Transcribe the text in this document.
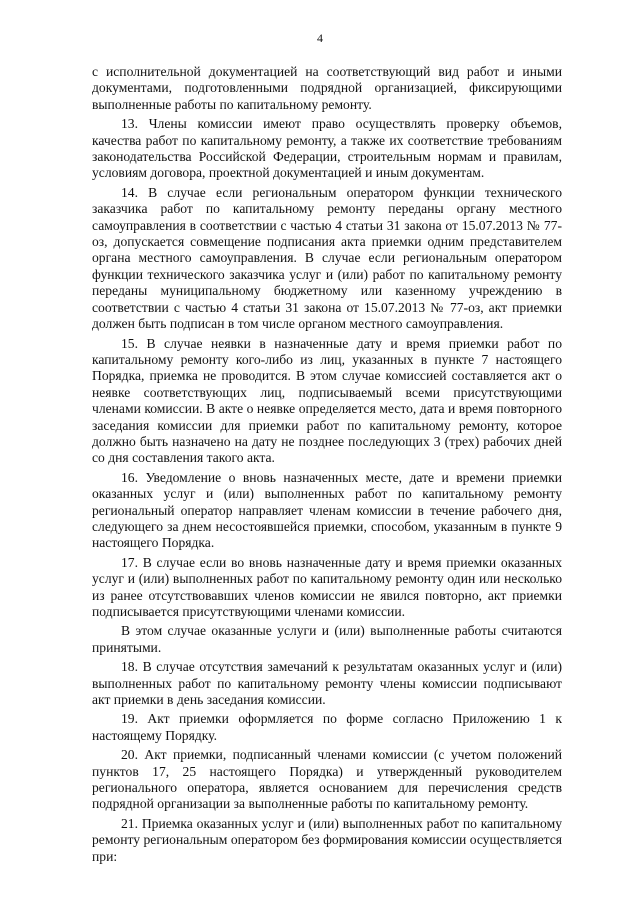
4

с исполнительной документацией на соответствующий вид работ и иными документами, подготовленными подрядной организацией, фиксирующими выполненные работы по капитальному ремонту.

13. Члены комиссии имеют право осуществлять проверку объемов, качества работ по капитальному ремонту, а также их соответствие требованиям законодательства Российской Федерации, строительным нормам и правилам, условиям договора, проектной документацией и иным документам.

14. В случае если региональным оператором функции технического заказчика работ по капитальному ремонту переданы органу местного самоуправления в соответствии с частью 4 статьи 31 закона от 15.07.2013 № 77-оз, допускается совмещение подписания акта приемки одним представителем органа местного самоуправления. В случае если региональным оператором функции технического заказчика услуг и (или) работ по капитальному ремонту переданы муниципальному бюджетному или казенному учреждению в соответствии с частью 4 статьи 31 закона от 15.07.2013 № 77-оз, акт приемки должен быть подписан в том числе органом местного самоуправления.

15. В случае неявки в назначенные дату и время приемки работ по капитальному ремонту кого-либо из лиц, указанных в пункте 7 настоящего Порядка, приемка не проводится. В этом случае комиссией составляется акт о неявке соответствующих лиц, подписываемый всеми присутствующими членами комиссии. В акте о неявке определяется место, дата и время повторного заседания комиссии для приемки работ по капитальному ремонту, которое должно быть назначено на дату не позднее последующих 3 (трех) рабочих дней со дня составления такого акта.

16. Уведомление о вновь назначенных месте, дате и времени приемки оказанных услуг и (или) выполненных работ по капитальному ремонту региональный оператор направляет членам комиссии в течение рабочего дня, следующего за днем несостоявшейся приемки, способом, указанным в пункте 9 настоящего Порядка.

17. В случае если во вновь назначенные дату и время приемки оказанных услуг и (или) выполненных работ по капитальному ремонту один или несколько из ранее отсутствовавших членов комиссии не явился повторно, акт приемки подписывается присутствующими членами комиссии.

В этом случае оказанные услуги и (или) выполненные работы считаются принятыми.

18. В случае отсутствия замечаний к результатам оказанных услуг и (или) выполненных работ по капитальному ремонту члены комиссии подписывают акт приемки в день заседания комиссии.

19. Акт приемки оформляется по форме согласно Приложению 1 к настоящему Порядку.

20. Акт приемки, подписанный членами комиссии (с учетом положений пунктов 17, 25 настоящего Порядка) и утвержденный руководителем регионального оператора, является основанием для перечисления средств подрядной организации за выполненные работы по капитальному ремонту.

21. Приемка оказанных услуг и (или) выполненных работ по капитальному ремонту региональным оператором без формирования комиссии осуществляется при:
